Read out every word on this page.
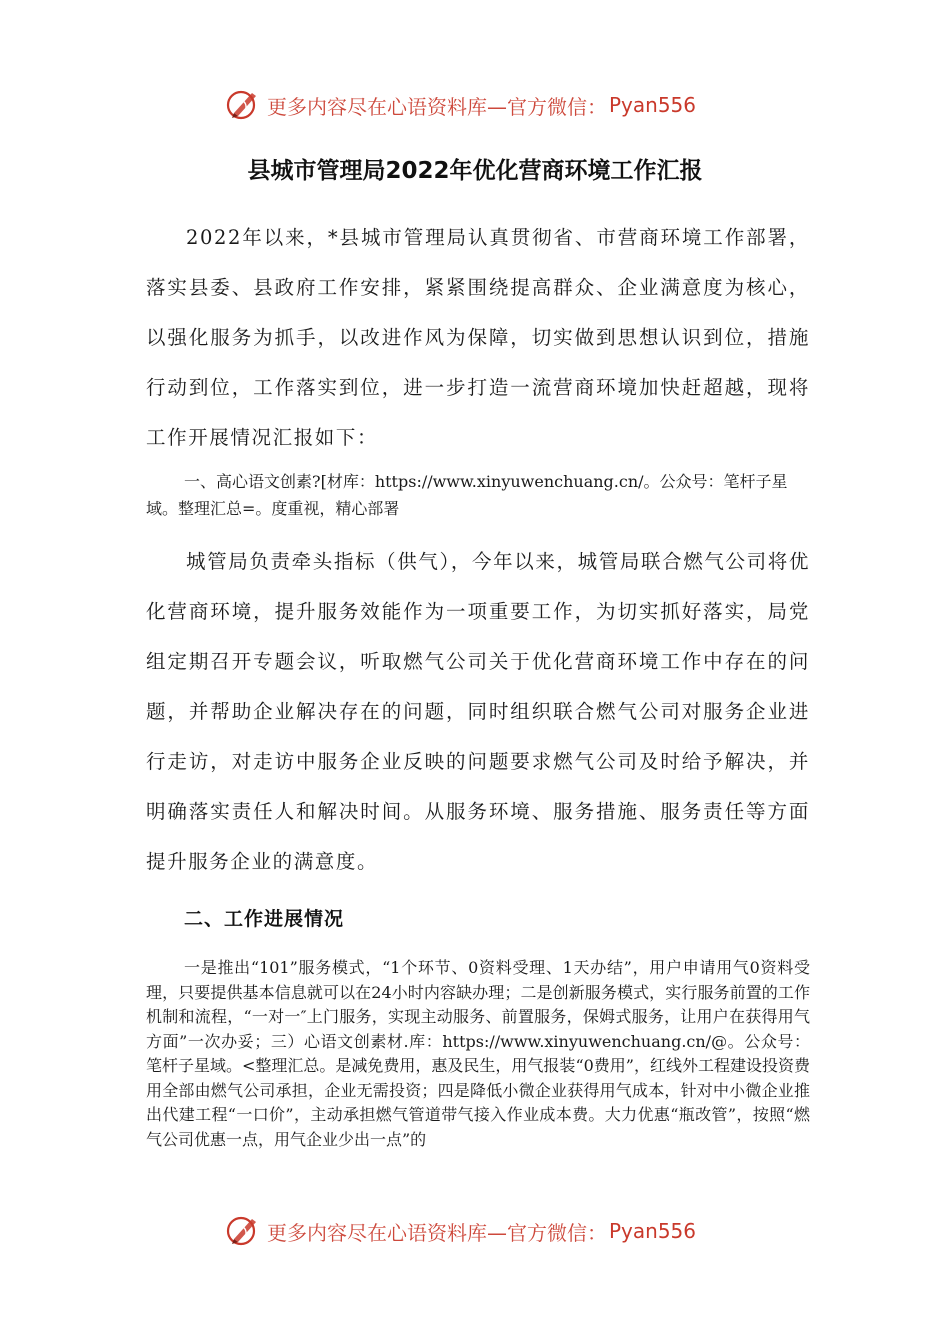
更多内容尽在心语资料库—官方微信： Pyan556
县城市管理局2022年优化营商环境工作汇报

2022年以来，*县城市管理局认真贯彻省、市营商环境工作部署，落实县委、县政府工作安排，紧紧围绕提高群众、企业满意度为核心，以强化服务为抓手，以改进作风为保障，切实做到思想认识到位，措施行动到位，工作落实到位，进一步打造一流营商环境加快赶超越，现将工作开展情况汇报如下：

一、高心语文创素?[材库：https://www.xinyuwenchuang.cn/。公众号：笔杆子星域。整理汇总=。度重视，精心部署

城管局负责牵头指标（供气），今年以来，城管局联合燃气公司将优化营商环境，提升服务效能作为一项重要工作，为切实抓好落实，局党组定期召开专题会议，听取燃气公司关于优化营商环境工作中存在的问题，并帮助企业解决存在的问题，同时组织联合燃气公司对服务企业进行走访，对走访中服务企业反映的问题要求燃气公司及时给予解决，并明确落实责任人和解决时间。从服务环境、服务措施、服务责任等方面提升服务企业的满意度。

二、工作进展情况

一是推出“101”服务模式，“1个环节、0资料受理、1天办结”，用户申请用气0资料受理，只要提供基本信息就可以在24小时内容缺办理；二是创新服务模式，实行服务前置的工作机制和流程，“一对一″上门服务，实现主动服务、前置服务，保姆式服务，让用户在获得用气方面”一次办妥；三）心语文创素材.库：https://www.xinyuwenchuang.cn/@。公众号：笔杆子星域。<整理汇总。是减免费用，惠及民生，用气报装“0费用”，红线外工程建设投资费用全部由燃气公司承担，企业无需投资；四是降低小微企业获得用气成本，针对中小微企业推出代建工程“一口价”，主动承担燃气管道带气接入作业成本费。大力优惠“瓶改管”，按照“燃气公司优惠一点，用气企业少出一点”的

更多内容尽在心语资料库—官方微信： Pyan556
